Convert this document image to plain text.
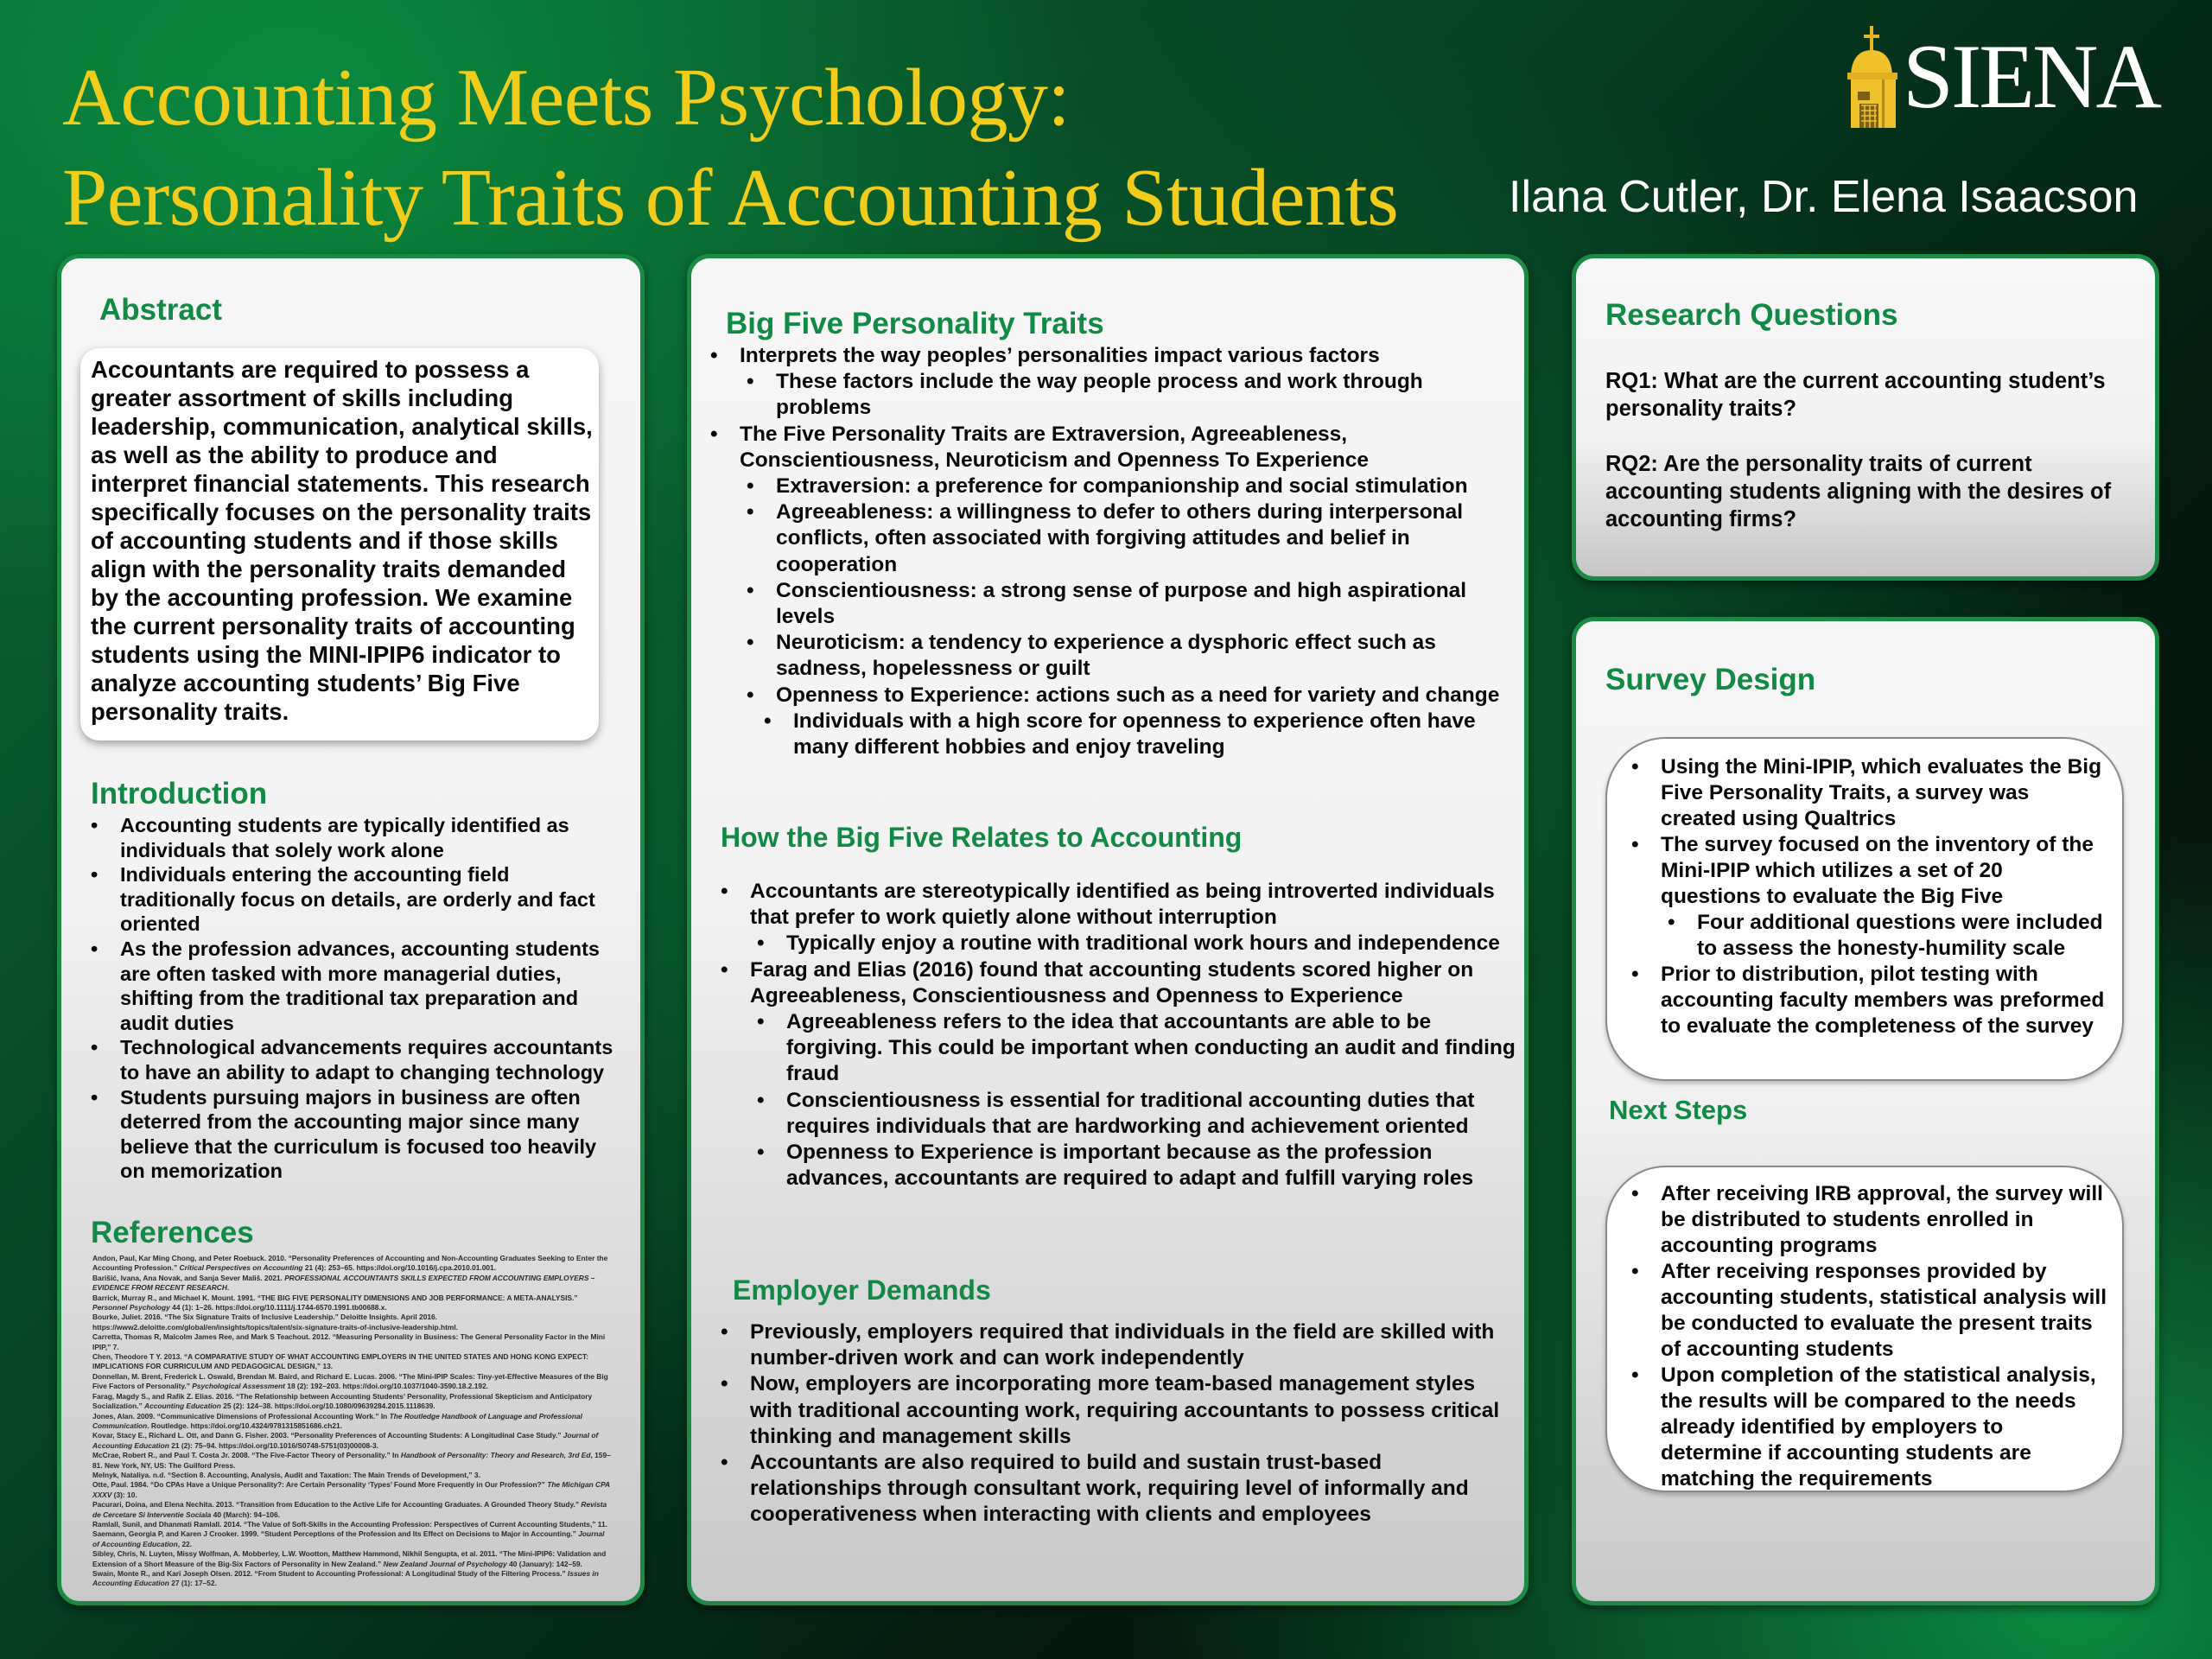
Accounting Meets Psychology:
Personality Traits of Accounting Students Ilana Cutler, Dr. Elena Isaacson
SIENA
Abstract
Accountants are required to possess a greater assortment of skills including leadership, communication, analytical skills, as well as the ability to produce and interpret financial statements. This research specifically focuses on the personality traits of accounting students and if those skills align with the personality traits demanded by the accounting profession. We examine the current personality traits of accounting students using the MINI-IPIP6 indicator to analyze accounting students’ Big Five personality traits.
Introduction
• Accounting students are typically identified as individuals that solely work alone
• Individuals entering the accounting field traditionally focus on details, are orderly and fact oriented
• As the profession advances, accounting students are often tasked with more managerial duties, shifting from the traditional tax preparation and audit duties
• Technological advancements requires accountants to have an ability to adapt to changing technology
• Students pursuing majors in business are often deterred from the accounting major since many believe that the curriculum is focused too heavily on memorization
References

Andon, Paul, Kar Ming Chong, and Peter Roebuck. 2010. “Personality Preferences of Accounting and Non-Accounting Graduates Seeking to Enter the Accounting Profession.” Critical Perspectives on Accounting 21 (4): 253–65. https://doi.org/10.1016/j.cpa.2010.01.001.

Barišić, Ivana, Ana Novak, and Sanja Sever Mališ. 2021. PROFESSIONAL ACCOUNTANTS SKILLS EXPECTED FROM ACCOUNTING EMPLOYERS – EVIDENCE FROM RECENT RESEARCH.

Barrick, Murray R., and Michael K. Mount. 1991. “THE BIG FIVE PERSONALITY DIMENSIONS AND JOB PERFORMANCE: A META-ANALYSIS.” Personnel Psychology 44 (1): 1–26. https://doi.org/10.1111/j.1744-6570.1991.tb00688.x.

Bourke, Juliet. 2016. “The Six Signature Traits of Inclusive Leadership.” Deloitte Insights. April 2016. https://www2.deloitte.com/global/en/insights/topics/talent/six-signature-traits-of-inclusive-leadership.html.

Carretta, Thomas R, Malcolm James Ree, and Mark S Teachout. 2012. “Measuring Personality in Business: The General Personality Factor in the Mini IPIP,” 7.

Chen, Theodore T Y. 2013. “A COMPARATIVE STUDY OF WHAT ACCOUNTING EMPLOYERS IN THE UNITED STATES AND HONG KONG EXPECT: IMPLICATIONS FOR CURRICULUM AND PEDAGOGICAL DESIGN,” 13.

Donnellan, M. Brent, Frederick L. Oswald, Brendan M. Baird, and Richard E. Lucas. 2006. “The Mini-IPIP Scales: Tiny-yet-Effective Measures of the Big Five Factors of Personality.” Psychological Assessment 18 (2): 192–203. https://doi.org/10.1037/1040-3590.18.2.192.

Farag, Magdy S., and Rafik Z. Elias. 2016. “The Relationship between Accounting Students’ Personality, Professional Skepticism and Anticipatory Socialization.” Accounting Education 25 (2): 124–38. https://doi.org/10.1080/09639284.2015.1118639.

Jones, Alan. 2009. “Communicative Dimensions of Professional Accounting Work.” In The Routledge Handbook of Language and Professional Communication. Routledge. https://doi.org/10.4324/9781315851686.ch21.

Kovar, Stacy E., Richard L. Ott, and Dann G. Fisher. 2003. “Personality Preferences of Accounting Students: A Longitudinal Case Study.” Journal of Accounting Education 21 (2): 75–94. https://doi.org/10.1016/S0748-5751(03)00008-3.

McCrae, Robert R., and Paul T. Costa Jr. 2008. “The Five-Factor Theory of Personality.” In Handbook of Personality: Theory and Research, 3rd Ed, 159–81. New York, NY, US: The Guilford Press.

Melnyk, Nataliya. n.d. “Section 8. Accounting, Analysis, Audit and Taxation: The Main Trends of Development,” 3.

Otte, Paul. 1984. “Do CPAs Have a Unique Personality?: Are Certain Personality ‘Types’ Found More Frequently in Our Profession?” The Michigan CPA XXXV (3): 10.

Pacurari, Doina, and Elena Nechita. 2013. “Transition from Education to the Active Life for Accounting Graduates. A Grounded Theory Study.” Revista de Cercetare Si Interventie Sociala 40 (March): 94–106.

Ramlall, Sunil, and Dhanmati Ramlall. 2014. “The Value of Soft-Skills in the Accounting Profession: Perspectives of Current Accounting Students,” 11.

Saemann, Georgia P, and Karen J Crooker. 1999. “Student Perceptions of the Profession and Its Effect on Decisions to Major in Accounting.” Journal of Accounting Education, 22.

Sibley, Chris, N. Luyten, Missy Wolfman, A. Mobberley, L.W. Wootton, Matthew Hammond, Nikhil Sengupta, et al. 2011. “The Mini-IPIP6: Validation and Extension of a Short Measure of the Big-Six Factors of Personality in New Zealand.” New Zealand Journal of Psychology 40 (January): 142–59.

Swain, Monte R., and Kari Joseph Olsen. 2012. “From Student to Accounting Professional: A Longitudinal Study of the Filtering Process.” Issues in Accounting Education 27 (1): 17–52.

Big Five Personality Traits
• Interprets the way peoples’ personalities impact various factors
• These factors include the way people process and work through problems
• The Five Personality Traits are Extraversion, Agreeableness, Conscientiousness, Neuroticism and Openness To Experience
• Extraversion: a preference for companionship and social stimulation
• Agreeableness: a willingness to defer to others during interpersonal conflicts, often associated with forgiving attitudes and belief in cooperation
• Conscientiousness: a strong sense of purpose and high aspirational levels
• Neuroticism: a tendency to experience a dysphoric effect such as sadness, hopelessness or guilt
• Openness to Experience: actions such as a need for variety and change
• Individuals with a high score for openness to experience often have many different hobbies and enjoy traveling
How the Big Five Relates to Accounting
• Accountants are stereotypically identified as being introverted individuals that prefer to work quietly alone without interruption
• Typically enjoy a routine with traditional work hours and independence
• Farag and Elias (2016) found that accounting students scored higher on Agreeableness, Conscientiousness and Openness to Experience
• Agreeableness refers to the idea that accountants are able to be forgiving. This could be important when conducting an audit and finding fraud
• Conscientiousness is essential for traditional accounting duties that requires individuals that are hardworking and achievement oriented
• Openness to Experience is important because as the profession advances, accountants are required to adapt and fulfill varying roles
Employer Demands
• Previously, employers required that individuals in the field are skilled with number-driven work and can work independently
• Now, employers are incorporating more team-based management styles with traditional accounting work, requiring accountants to possess critical thinking and management skills
• Accountants are also required to build and sustain trust-based relationships through consultant work, requiring level of informally and cooperativeness when interacting with clients and employees
Research Questions

RQ1: What are the current accounting student’s personality traits?

RQ2: Are the personality traits of current accounting students aligning with the desires of accounting firms?

Survey Design
• Using the Mini-IPIP, which evaluates the Big Five Personality Traits, a survey was created using Qualtrics
• The survey focused on the inventory of the Mini-IPIP which utilizes a set of 20 questions to evaluate the Big Five
• Four additional questions were included to assess the honesty-humility scale
• Prior to distribution, pilot testing with accounting faculty members was preformed to evaluate the completeness of the survey
Next Steps
• After receiving IRB approval, the survey will be distributed to students enrolled in accounting programs
• After receiving responses provided by accounting students, statistical analysis will be conducted to evaluate the present traits of accounting students
• Upon completion of the statistical analysis, the results will be compared to the needs already identified by employers to determine if accounting students are matching the requirements
